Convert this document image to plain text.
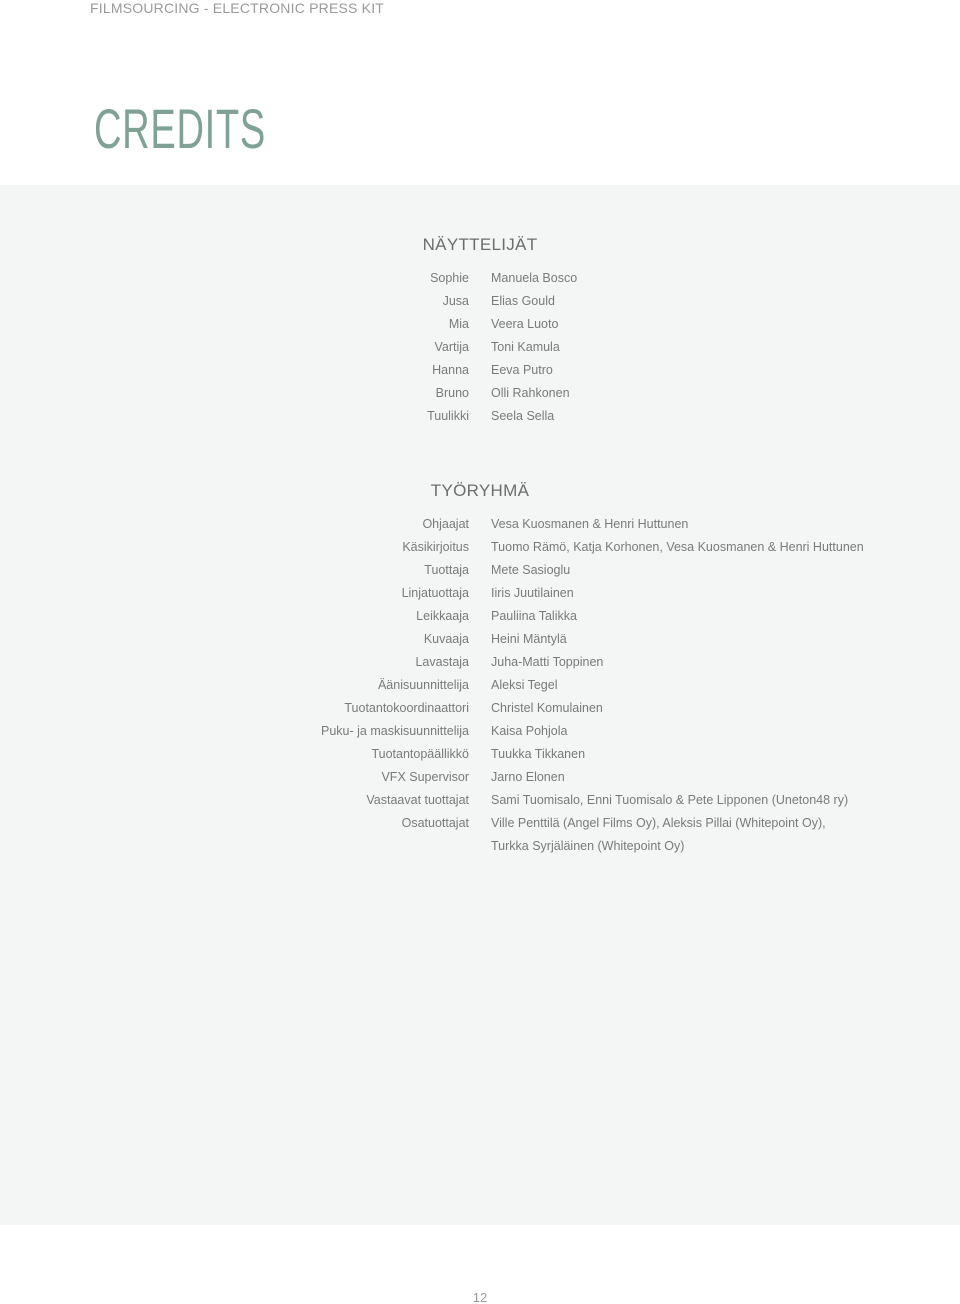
FILMSOURCING - ELECTRONIC PRESS KIT
CREDITS
NÄYTTELIJÄT
Sophie Manuela Bosco
Jusa Elias Gould
Mia Veera Luoto
Vartija Toni Kamula
Hanna Eeva Putro
Bruno Olli Rahkonen
Tuulikki Seela Sella
TYÖRYHMÄ
Ohjaajat Vesa Kuosmanen & Henri Huttunen
Käsikirjoitus Tuomo Rämö, Katja Korhonen, Vesa Kuosmanen & Henri Huttunen
Tuottaja Mete Sasioglu
Linjatuottaja Iiris Juutilainen
Leikkaaja Pauliina Talikka
Kuvaaja Heini Mäntylä
Lavastaja Juha-Matti Toppinen
Äänisuunnittelija Aleksi Tegel
Tuotantokoordinaattori Christel Komulainen
Puku- ja maskisuunnittelija Kaisa Pohjola
Tuotantopäällikkö Tuukka Tikkanen
VFX Supervisor Jarno Elonen
Vastaavat tuottajat Sami Tuomisalo, Enni Tuomisalo & Pete Lipponen (Uneton48 ry)
Osatuottajat Ville Penttilä (Angel Films Oy), Aleksis Pillai (Whitepoint Oy), Turkka Syrjäläinen (Whitepoint Oy)
12
